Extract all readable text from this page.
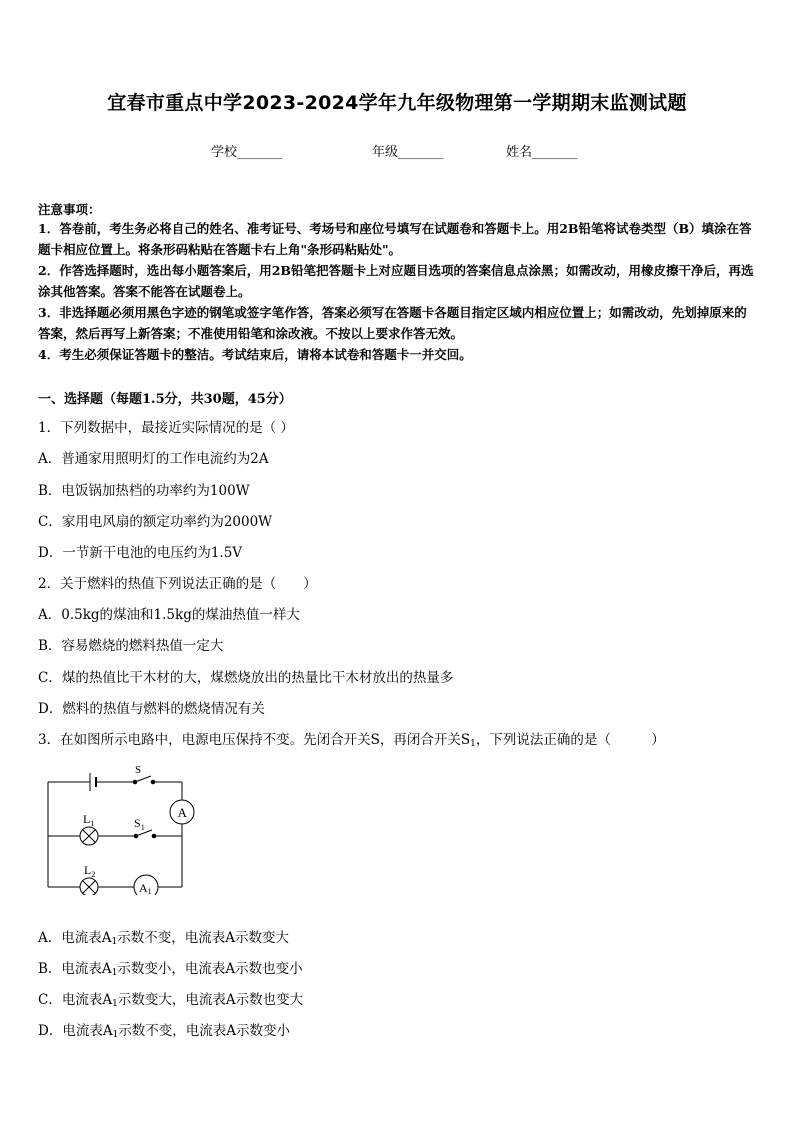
宜春市重点中学2023-2024学年九年级物理第一学期期末监测试题
学校_______	年级_______	姓名_______
注意事项：

1．答卷前，考生务必将自己的姓名、准考证号、考场号和座位号填写在试题卷和答题卡上。用2B铅笔将试卷类型（B）填涂在答题卡相应位置上。将条形码粘贴在答题卡右上角"条形码粘贴处"。

2．作答选择题时，选出每小题答案后，用2B铅笔把答题卡上对应题目选项的答案信息点涂黑；如需改动，用橡皮擦干净后，再选涂其他答案。答案不能答在试题卷上。

3．非选择题必须用黑色字迹的钢笔或签字笔作答，答案必须写在答题卡各题目指定区域内相应位置上；如需改动，先划掉原来的答案，然后再写上新答案；不准使用铅笔和涂改液。不按以上要求作答无效。

4．考生必须保证答题卡的整洁。考试结束后，请将本试卷和答题卡一并交回。

一、选择题（每题1.5分，共30题，45分）
1．下列数据中，最接近实际情况的是（ ）
A．普通家用照明灯的工作电流约为2A
B．电饭锅加热档的功率约为100W
C．家用电风扇的额定功率约为2000W
D．一节新干电池的电压约为1.5V
2．关于燃料的热值下列说法正确的是（　　）
A．0.5kg的煤油和1.5kg的煤油热值一样大
B．容易燃烧的燃料热值一定大
C．煤的热值比干木材的大，煤燃烧放出的热量比干木材放出的热量多
D．燃料的热值与燃料的燃烧情况有关
3．在如图所示电路中，电源电压保持不变。先闭合开关S，再闭合开关$S_1$，下列说法正确的是（　　　）
S
$S_1$
$L_1$
$L_2$
A
A1
A．电流表$A_1$示数不变，电流表A示数变大
B．电流表$A_1$示数变小，电流表A示数也变小
C．电流表$A_1$示数变大，电流表A示数也变大
D．电流表$A_1$示数不变，电流表A示数变小
